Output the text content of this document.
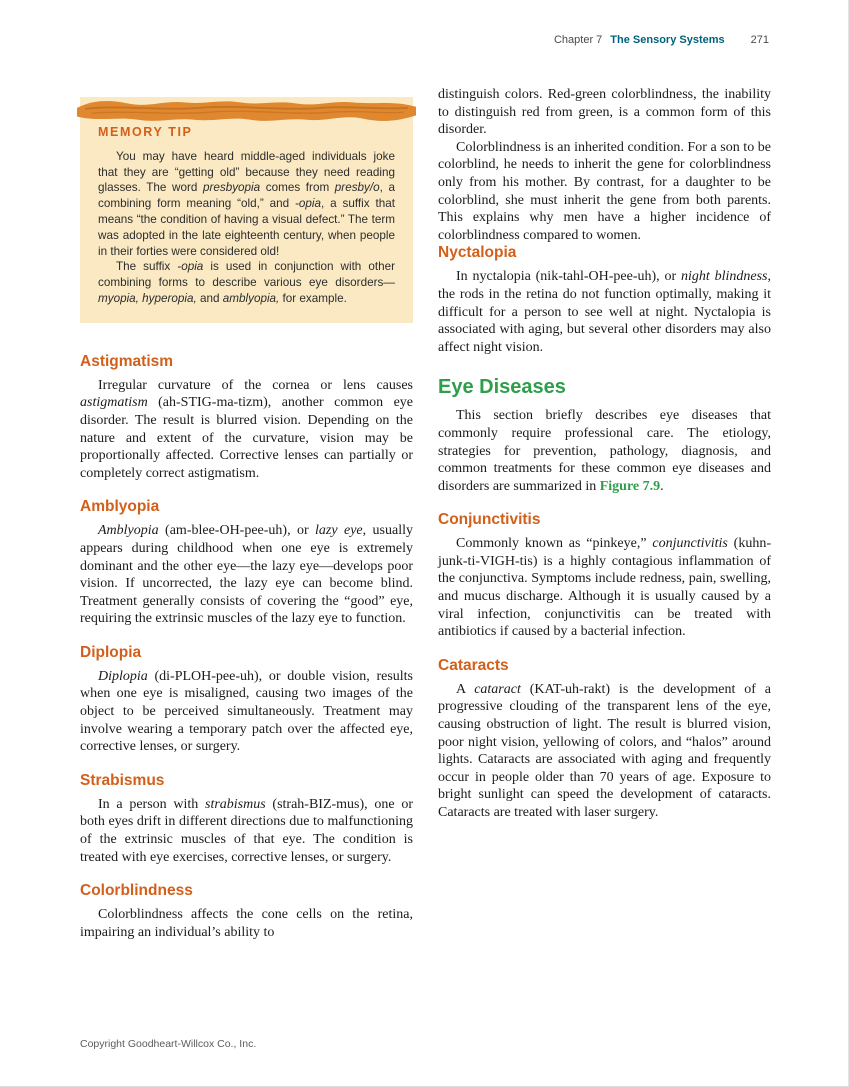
Chapter 7 The Sensory Systems 271
MEMORY TIP

You may have heard middle-aged individuals joke that they are “getting old” because they need reading glasses. The word presbyopia comes from presby/o, a combining form meaning “old,” and -opia, a suffix that means “the condition of having a visual defect.” The term was adopted in the late eighteenth century, when people in their forties were considered old!

The suffix -opia is used in conjunction with other combining forms to describe various eye disorders—myopia, hyperopia, and amblyopia, for example.

Astigmatism

Irregular curvature of the cornea or lens causes astigmatism (ah-STIG-ma-tizm), another common eye disorder. The result is blurred vision. Depending on the nature and extent of the curvature, vision may be proportionally affected. Corrective lenses can partially or completely correct astigmatism.

Amblyopia

Amblyopia (am-blee-OH-pee-uh), or lazy eye, usually appears during childhood when one eye is extremely dominant and the other eye—the lazy eye—develops poor vision. If uncorrected, the lazy eye can become blind. Treatment generally consists of covering the “good” eye, requiring the extrinsic muscles of the lazy eye to function.

Diplopia

Diplopia (di-PLOH-pee-uh), or double vision, results when one eye is misaligned, causing two images of the object to be perceived simultaneously. Treatment may involve wearing a temporary patch over the affected eye, corrective lenses, or surgery.

Strabismus

In a person with strabismus (strah-BIZ-mus), one or both eyes drift in different directions due to malfunctioning of the extrinsic muscles of that eye. The condition is treated with eye exercises, corrective lenses, or surgery.

Colorblindness

Colorblindness affects the cone cells on the retina, impairing an individual’s ability to

distinguish colors. Red-green colorblindness, the inability to distinguish red from green, is a common form of this disorder.

Colorblindness is an inherited condition. For a son to be colorblind, he needs to inherit the gene for colorblindness only from his mother. By contrast, for a daughter to be colorblind, she must inherit the gene from both parents. This explains why men have a higher incidence of colorblindness compared to women.

Nyctalopia

In nyctalopia (nik-tahl-OH-pee-uh), or night blindness, the rods in the retina do not function optimally, making it difficult for a person to see well at night. Nyctalopia is associated with aging, but several other disorders may also affect night vision.

Eye Diseases

This section briefly describes eye diseases that commonly require professional care. The etiology, strategies for prevention, pathology, diagnosis, and common treatments for these common eye diseases and disorders are summarized in Figure 7.9.

Conjunctivitis

Commonly known as “pinkeye,” conjunctivitis (kuhn-junk-ti-VIGH-tis) is a highly contagious inflammation of the conjunctiva. Symptoms include redness, pain, swelling, and mucus discharge. Although it is usually caused by a viral infection, conjunctivitis can be treated with antibiotics if caused by a bacterial infection.

Cataracts

A cataract (KAT-uh-rakt) is the development of a progressive clouding of the transparent lens of the eye, causing obstruction of light. The result is blurred vision, poor night vision, yellowing of colors, and “halos” around lights. Cataracts are associated with aging and frequently occur in people older than 70 years of age. Exposure to bright sunlight can speed the development of cataracts. Cataracts are treated with laser surgery.

Copyright Goodheart-Willcox Co., Inc.
